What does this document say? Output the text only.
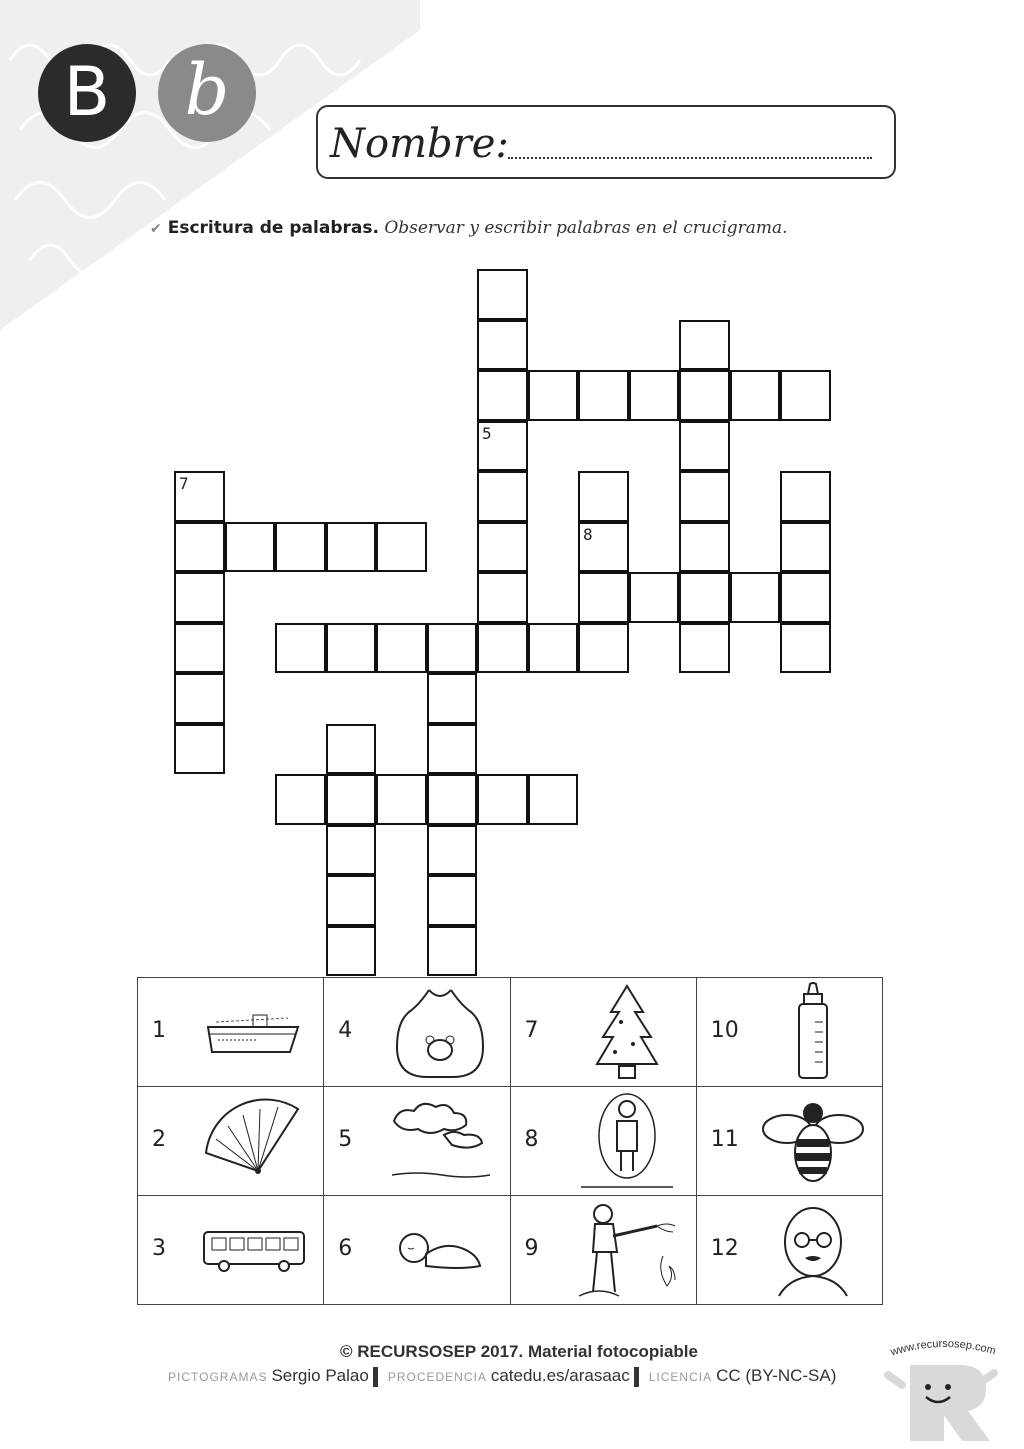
B	b
Nombre:
✔ Escritura de palabras. Observar y escribir palabras en el crucigrama.
5
7
8
1	4	7	10

2	5	8	11

3	6	9	12
© RECURSOSEP 2017. Material fotocopiable
PICTOGRAMAS Sergio Palao PROCEDENCIA catedu.es/arasaac LICENCIA CC (BY-NC-SA)
www.recursosep.com
